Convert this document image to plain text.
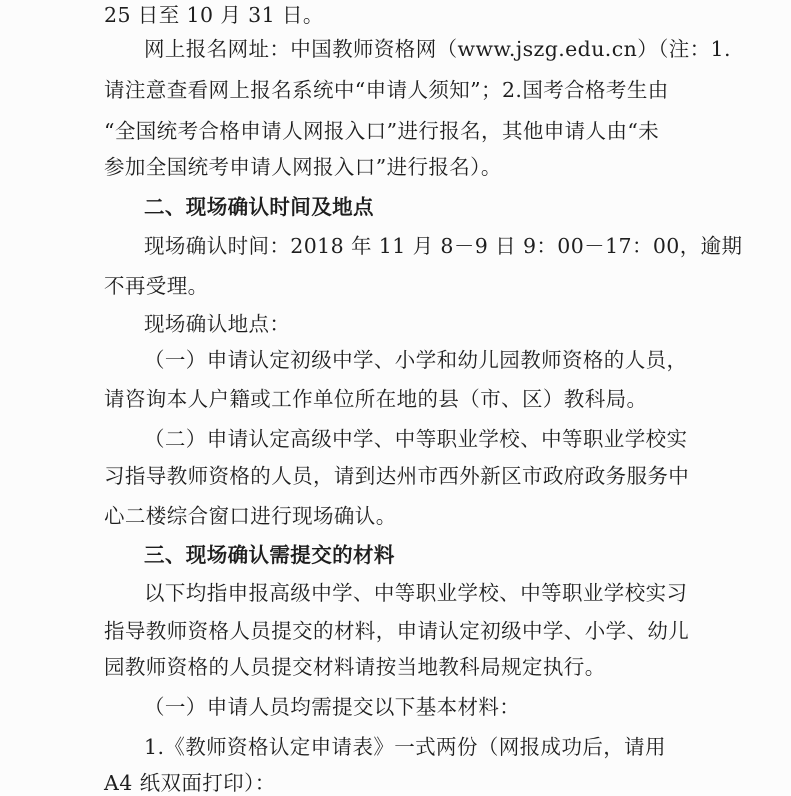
25 日至 10 月 31 日。
网上报名网址：中国教师资格网（www.jszg.edu.cn）（注：1.
请注意查看网上报名系统中“申请人须知”；2.国考合格考生由
“全国统考合格申请人网报入口”进行报名，其他申请人由“未
参加全国统考申请人网报入口”进行报名）。
二、现场确认时间及地点
现场确认时间：2018 年 11 月 8－9 日 9：00－17：00，逾期
不再受理。
现场确认地点：
（一）申请认定初级中学、小学和幼儿园教师资格的人员，
请咨询本人户籍或工作单位所在地的县（市、区）教科局。
（二）申请认定高级中学、中等职业学校、中等职业学校实
习指导教师资格的人员，请到达州市西外新区市政府政务服务中
心二楼综合窗口进行现场确认。
三、现场确认需提交的材料
以下均指申报高级中学、中等职业学校、中等职业学校实习
指导教师资格人员提交的材料，申请认定初级中学、小学、幼儿
园教师资格的人员提交材料请按当地教科局规定执行。
（一）申请人员均需提交以下基本材料：
1.《教师资格认定申请表》一式两份（网报成功后，请用
A4 纸双面打印）：
